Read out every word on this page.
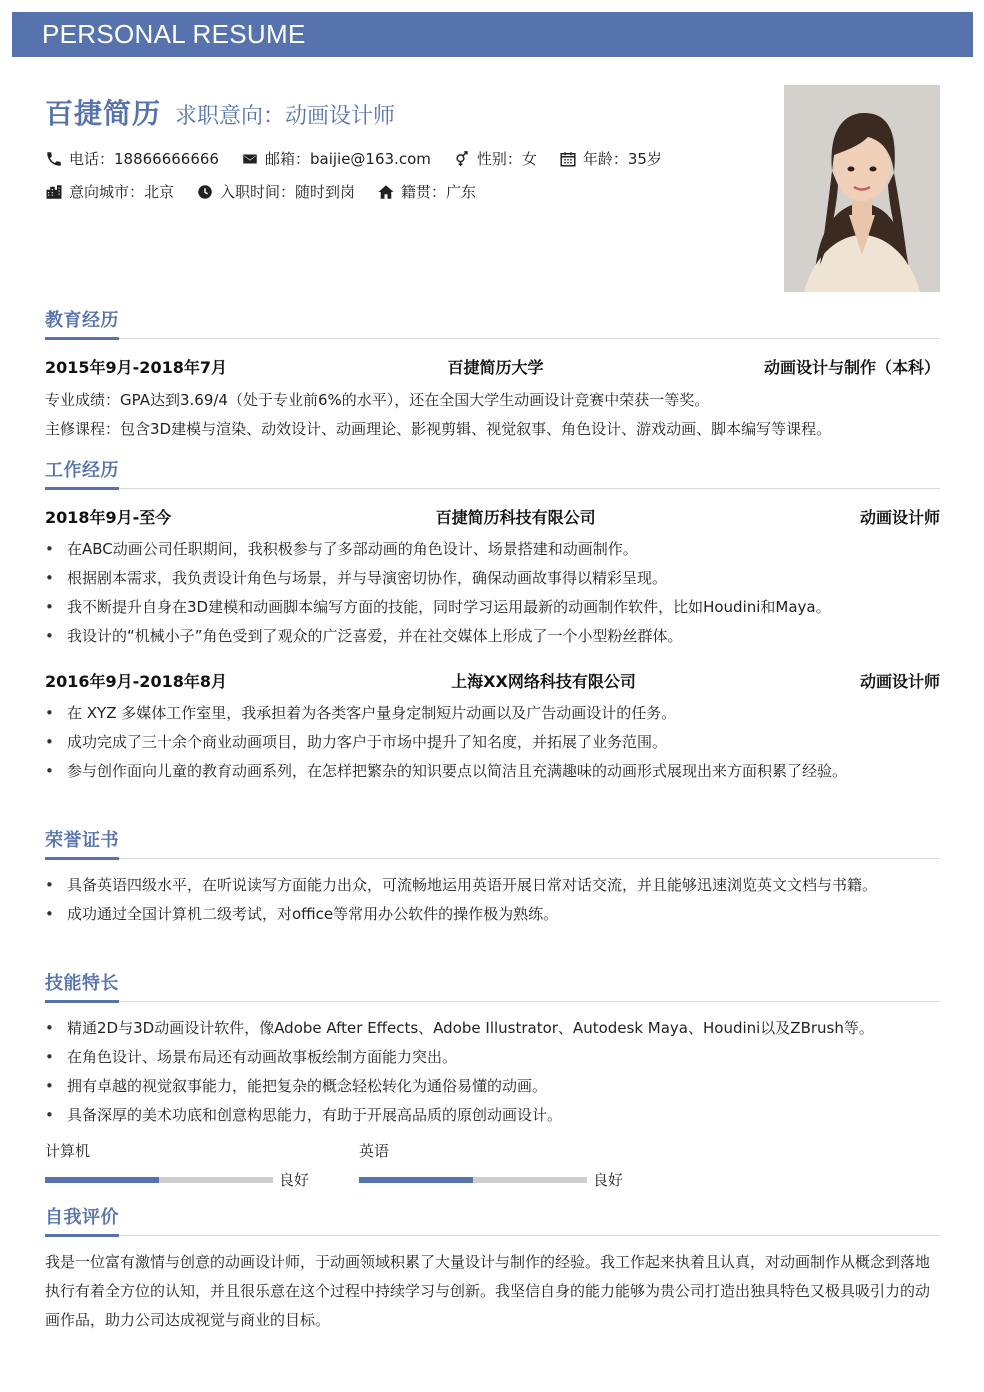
PERSONAL RESUME
百捷简历 求职意向：动画设计师
电话：18866666666	邮箱：baijie@163.com	性别：女	年龄：35岁
意向城市：北京	入职时间：随时到岗	籍贯：广东
教育经历
2015年9月-2018年7月	百捷简历大学	动画设计与制作（本科）
专业成绩：GPA达到3.69/4（处于专业前6%的水平），还在全国大学生动画设计竞赛中荣获一等奖。
主修课程：包含3D建模与渲染、动效设计、动画理论、影视剪辑、视觉叙事、角色设计、游戏动画、脚本编写等课程。
工作经历
2018年9月-至今	百捷简历科技有限公司	动画设计师
• 在ABC动画公司任职期间，我积极参与了多部动画的角色设计、场景搭建和动画制作。
• 根据剧本需求，我负责设计角色与场景，并与导演密切协作，确保动画故事得以精彩呈现。
• 我不断提升自身在3D建模和动画脚本编写方面的技能，同时学习运用最新的动画制作软件，比如Houdini和Maya。
• 我设计的“机械小子”角色受到了观众的广泛喜爱，并在社交媒体上形成了一个小型粉丝群体。
2016年9月-2018年8月	上海XX网络科技有限公司	动画设计师
• 在 XYZ 多媒体工作室里，我承担着为各类客户量身定制短片动画以及广告动画设计的任务。
• 成功完成了三十余个商业动画项目，助力客户于市场中提升了知名度，并拓展了业务范围。
• 参与创作面向儿童的教育动画系列，在怎样把繁杂的知识要点以简洁且充满趣味的动画形式展现出来方面积累了经验。
荣誉证书
• 具备英语四级水平，在听说读写方面能力出众，可流畅地运用英语开展日常对话交流，并且能够迅速浏览英文文档与书籍。
• 成功通过全国计算机二级考试，对office等常用办公软件的操作极为熟练。
技能特长
• 精通2D与3D动画设计软件，像Adobe After Effects、Adobe Illustrator、Autodesk Maya、Houdini以及ZBrush等。
• 在角色设计、场景布局还有动画故事板绘制方面能力突出。
• 拥有卓越的视觉叙事能力，能把复杂的概念轻松转化为通俗易懂的动画。
• 具备深厚的美术功底和创意构思能力，有助于开展高品质的原创动画设计。
计算机
良好
英语
良好
自我评价
我是一位富有激情与创意的动画设计师，于动画领域积累了大量设计与制作的经验。我工作起来执着且认真，对动画制作从概念到落地执行有着全方位的认知，并且很乐意在这个过程中持续学习与创新。我坚信自身的能力能够为贵公司打造出独具特色又极具吸引力的动画作品，助力公司达成视觉与商业的目标。
